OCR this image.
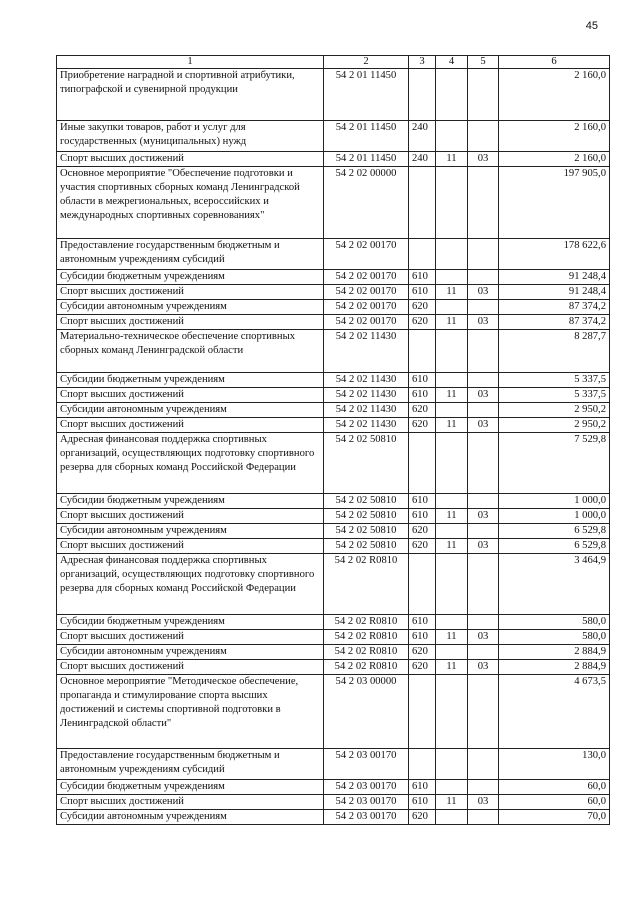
45
1	2	3	4	5	6
Приобретение наградной и спортивной атрибутики, типографской и сувенирной продукции	54 2 01 11450				2 160,0
Иные закупки товаров, работ и услуг для государственных (муниципальных) нужд	54 2 01 11450	240			2 160,0
Спорт высших достижений	54 2 01 11450	240	11	03	2 160,0
Основное мероприятие "Обеспечение подготовки и участия спортивных сборных команд Ленинградской области в межрегиональных, всероссийских и международных спортивных соревнованиях"	54 2 02 00000				197 905,0
Предоставление государственным бюджетным и автономным учреждениям субсидий	54 2 02 00170				178 622,6
Субсидии бюджетным учреждениям	54 2 02 00170	610			91 248,4
Спорт высших достижений	54 2 02 00170	610	11	03	91 248,4
Субсидии автономным учреждениям	54 2 02 00170	620			87 374,2
Спорт высших достижений	54 2 02 00170	620	11	03	87 374,2
Материально-техническое обеспечение спортивных сборных команд Ленинградской области	54 2 02 11430				8 287,7
Субсидии бюджетным учреждениям	54 2 02 11430	610			5 337,5
Спорт высших достижений	54 2 02 11430	610	11	03	5 337,5
Субсидии автономным учреждениям	54 2 02 11430	620			2 950,2
Спорт высших достижений	54 2 02 11430	620	11	03	2 950,2
Адресная финансовая поддержка спортивных организаций, осуществляющих подготовку спортивного резерва для сборных команд Российской Федерации	54 2 02 50810				7 529,8
Субсидии бюджетным учреждениям	54 2 02 50810	610			1 000,0
Спорт высших достижений	54 2 02 50810	610	11	03	1 000,0
Субсидии автономным учреждениям	54 2 02 50810	620			6 529,8
Спорт высших достижений	54 2 02 50810	620	11	03	6 529,8
Адресная финансовая поддержка спортивных организаций, осуществляющих подготовку спортивного резерва для сборных команд Российской Федерации	54 2 02 R0810				3 464,9
Субсидии бюджетным учреждениям	54 2 02 R0810	610			580,0
Спорт высших достижений	54 2 02 R0810	610	11	03	580,0
Субсидии автономным учреждениям	54 2 02 R0810	620			2 884,9
Спорт высших достижений	54 2 02 R0810	620	11	03	2 884,9
Основное мероприятие "Методическое обеспечение, пропаганда и стимулирование спорта высших достижений и системы спортивной подготовки в Ленинградской области"	54 2 03 00000				4 673,5
Предоставление государственным бюджетным и автономным учреждениям субсидий	54 2 03 00170				130,0
Субсидии бюджетным учреждениям	54 2 03 00170	610			60,0
Спорт высших достижений	54 2 03 00170	610	11	03	60,0
Субсидии автономным учреждениям	54 2 03 00170	620			70,0
